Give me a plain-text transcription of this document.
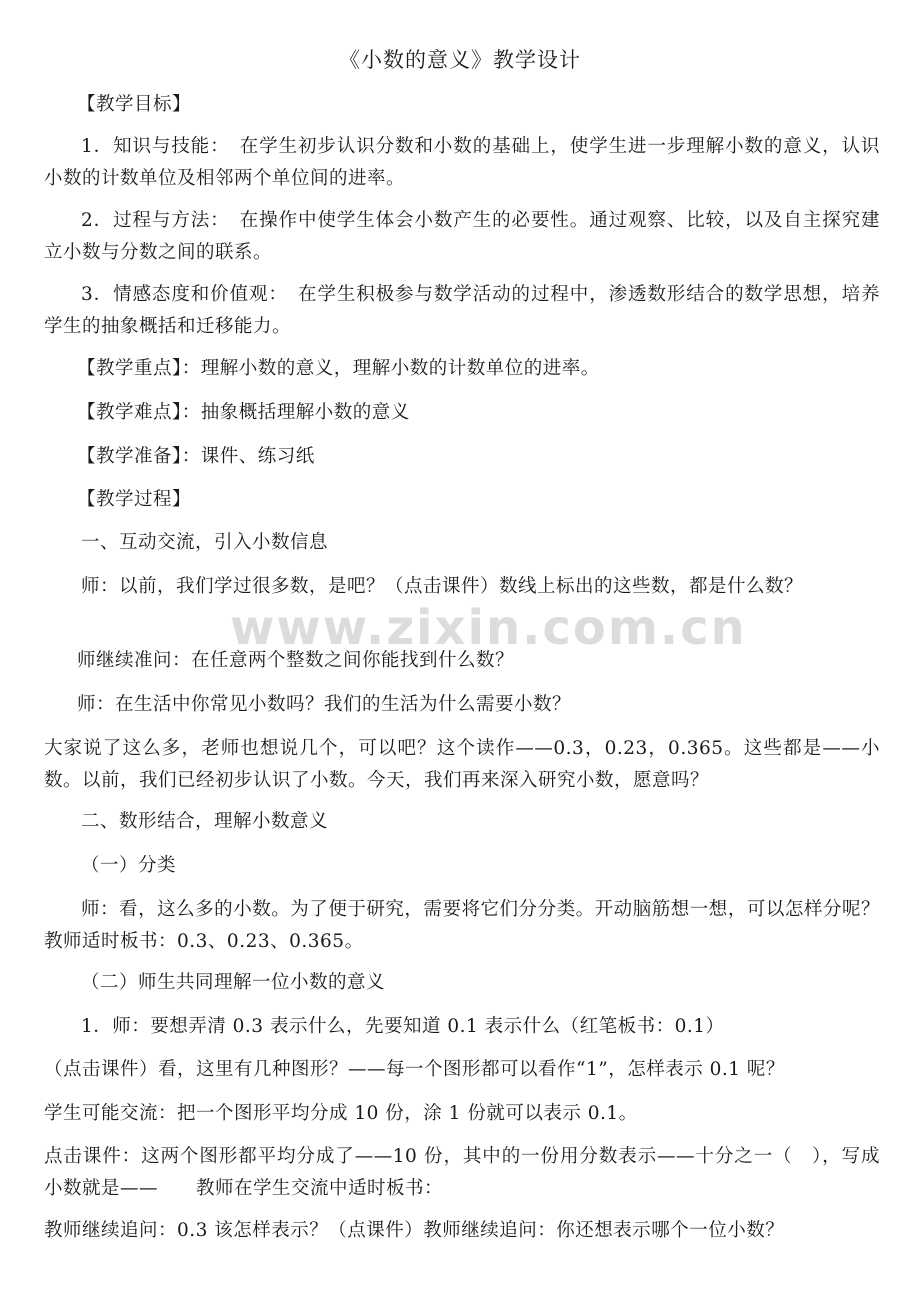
www.zixin.com.cn
《小数的意义》教学设计
【教学目标】
1．知识与技能：　在学生初步认识分数和小数的基础上，使学生进一步理解小数的意义，认识小数的计数单位及相邻两个单位间的进率。
2．过程与方法：　在操作中使学生体会小数产生的必要性。通过观察、比较，以及自主探究建立小数与分数之间的联系。
3．情感态度和价值观：　在学生积极参与数学活动的过程中，渗透数形结合的数学思想，培养学生的抽象概括和迁移能力。
【教学重点】：理解小数的意义，理解小数的计数单位的进率。
【教学难点】：抽象概括理解小数的意义
【教学准备】：课件、练习纸
【教学过程】
一、互动交流，引入小数信息
师：以前，我们学过很多数，是吧？（点击课件）数线上标出的这些数，都是什么数？
师继续准问：在任意两个整数之间你能找到什么数？
师：在生活中你常见小数吗？我们的生活为什么需要小数？
大家说了这么多，老师也想说几个，可以吧？这个读作——0.3，0.23，0.365。这些都是——小数。以前，我们已经初步认识了小数。今天，我们再来深入研究小数，愿意吗？
二、数形结合，理解小数意义
（一）分类
师：看，这么多的小数。为了便于研究，需要将它们分分类。开动脑筋想一想，可以怎样分呢？教师适时板书：0.3、0.23、0.365。
（二）师生共同理解一位小数的意义
1．师：要想弄清 0.3 表示什么，先要知道 0.1 表示什么（红笔板书：0.1）
（点击课件）看，这里有几种图形？——每一个图形都可以看作“1”，怎样表示 0.1 呢？
学生可能交流：把一个图形平均分成 10 份，涂 1 份就可以表示 0.1。
点击课件：这两个图形都平均分成了——10 份，其中的一份用分数表示——十分之一（　），写成小数就是——　　教师在学生交流中适时板书：
教师继续追问：0.3 该怎样表示？（点课件）教师继续追问：你还想表示哪个一位小数？
